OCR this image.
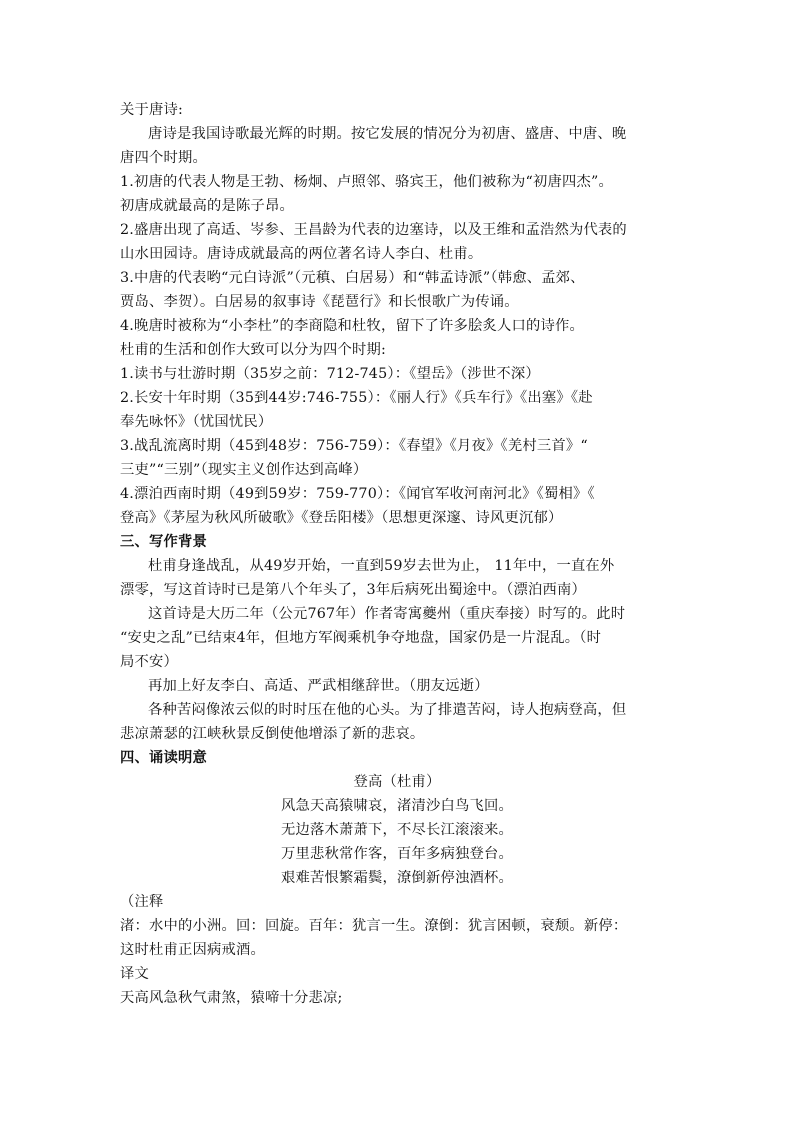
关于唐诗:
唐诗是我国诗歌最光辉的时期。按它发展的情况分为初唐、盛唐、中唐、晚
唐四个时期。
1.初唐的代表人物是王勃、杨炯、卢照邻、骆宾王，他们被称为“初唐四杰”。
初唐成就最高的是陈子昂。
2.盛唐出现了高适、岑参、王昌龄为代表的边塞诗，以及王维和孟浩然为代表的
山水田园诗。唐诗成就最高的两位著名诗人李白、杜甫。
3.中唐的代表哟“元白诗派”（元稹、白居易）和“韩孟诗派”（韩愈、孟郊、
贾岛、李贺）。白居易的叙事诗《琵琶行》和长恨歌广为传诵。
4.晚唐时被称为“小李杜”的李商隐和杜牧，留下了许多脍炙人口的诗作。
杜甫的生活和创作大致可以分为四个时期:
1.读书与壮游时期（35岁之前：712-745）：《望岳》（涉世不深）
2.长安十年时期（35到44岁:746-755）：《丽人行》《兵车行》《出塞》《赴
奉先咏怀》（忧国忧民）
3.战乱流离时期（45到48岁：756-759）：《春望》《月夜》《羌村三首》“
三吏”“三别”（现实主义创作达到高峰）
4.漂泊西南时期（49到59岁：759-770）：《闻官军收河南河北》《蜀相》《
登高》《茅屋为秋风所破歌》《登岳阳楼》（思想更深邃、诗风更沉郁）
三、写作背景
杜甫身逢战乱，从49岁开始，一直到59岁去世为止， 11年中，一直在外
漂零，写这首诗时已是第八个年头了，3年后病死出蜀途中。（漂泊西南）
这首诗是大历二年（公元767年）作者寄寓夔州（重庆奉接）时写的。此时
“安史之乱”已结束4年，但地方军阀乘机争夺地盘，国家仍是一片混乱。（时
局不安）
再加上好友李白、高适、严武相继辞世。（朋友远逝）
各种苦闷像浓云似的时时压在他的心头。为了排遣苦闷，诗人抱病登高，但
悲凉萧瑟的江峡秋景反倒使他增添了新的悲哀。
四、诵读明意
登高（杜甫）
风急天高猿啸哀，渚清沙白鸟飞回。
无边落木萧萧下，不尽长江滚滚来。
万里悲秋常作客，百年多病独登台。
艰难苦恨繁霜鬓，潦倒新停浊酒杯。
（注释
渚：水中的小洲。回：回旋。百年：犹言一生。潦倒：犹言困顿，衰颓。新停：
这时杜甫正因病戒酒。
译文
天高风急秋气肃煞，猿啼十分悲凉;
